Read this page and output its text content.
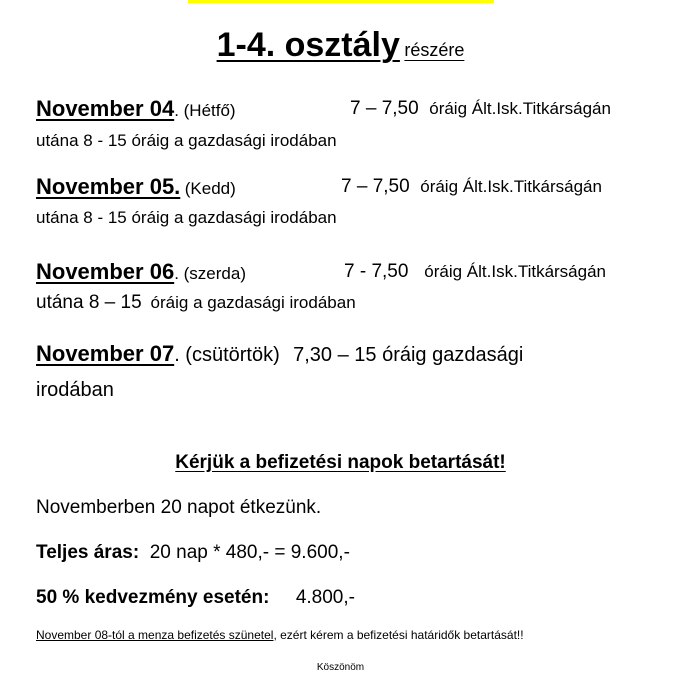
1-4. osztály részére
November 04. (Hétfő)	7 – 7,50 óráig Ált.Isk.Titkárságán
utána 8 - 15 óráig a gazdasági irodában
November 05. (Kedd)	7 – 7,50 óráig Ált.Isk.Titkárságán
utána 8 - 15 óráig a gazdasági irodában
November 06. (szerda)	7 - 7,50 óráig Ált.Isk.Titkárságán
utána 8 – 15 óráig a gazdasági irodában
November 07. (csütörtök) 7,30 – 15 óráig gazdasági
irodában
Kérjük a befizetési napok betartását!
Novemberben 20 napot étkezünk.
Teljes áras: 20 nap * 480,- = 9.600,-
50 % kedvezmény esetén: 4.800,-
November 08-tól a menza befizetés szünetel, ezért kérem a befizetési határidők betartását!!
Köszönöm
